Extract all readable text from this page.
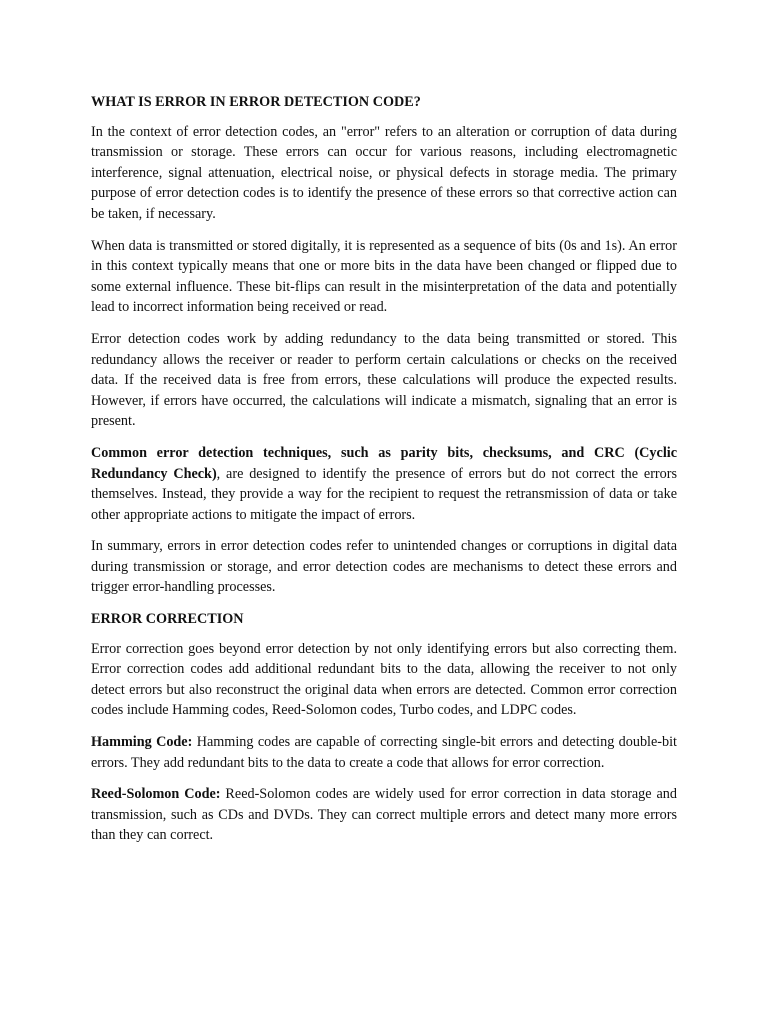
WHAT IS ERROR IN ERROR DETECTION CODE?

In the context of error detection codes, an "error" refers to an alteration or corruption of data during transmission or storage. These errors can occur for various reasons, including electromagnetic interference, signal attenuation, electrical noise, or physical defects in storage media. The primary purpose of error detection codes is to identify the presence of these errors so that corrective action can be taken, if necessary.

When data is transmitted or stored digitally, it is represented as a sequence of bits (0s and 1s). An error in this context typically means that one or more bits in the data have been changed or flipped due to some external influence. These bit-flips can result in the misinterpretation of the data and potentially lead to incorrect information being received or read.

Error detection codes work by adding redundancy to the data being transmitted or stored. This redundancy allows the receiver or reader to perform certain calculations or checks on the received data. If the received data is free from errors, these calculations will produce the expected results. However, if errors have occurred, the calculations will indicate a mismatch, signaling that an error is present.

Common error detection techniques, such as parity bits, checksums, and CRC (Cyclic Redundancy Check), are designed to identify the presence of errors but do not correct the errors themselves. Instead, they provide a way for the recipient to request the retransmission of data or take other appropriate actions to mitigate the impact of errors.

In summary, errors in error detection codes refer to unintended changes or corruptions in digital data during transmission or storage, and error detection codes are mechanisms to detect these errors and trigger error-handling processes.

ERROR CORRECTION

Error correction goes beyond error detection by not only identifying errors but also correcting them. Error correction codes add additional redundant bits to the data, allowing the receiver to not only detect errors but also reconstruct the original data when errors are detected. Common error correction codes include Hamming codes, Reed-Solomon codes, Turbo codes, and LDPC codes.

Hamming Code: Hamming codes are capable of correcting single-bit errors and detecting double-bit errors. They add redundant bits to the data to create a code that allows for error correction.

Reed-Solomon Code: Reed-Solomon codes are widely used for error correction in data storage and transmission, such as CDs and DVDs. They can correct multiple errors and detect many more errors than they can correct.
